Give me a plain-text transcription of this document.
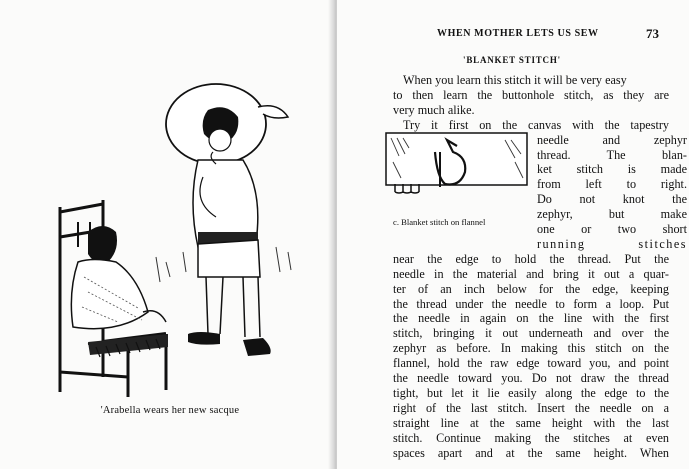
'Arabella wears her new sacque
WHEN MOTHER LETS US SEW	73
'BLANKET STITCH'
When you learn this stitch it will be very easy
to then learn the buttonhole stitch, as they are
very much alike.
Try it first on the canvas with the tapestry
c. Blanket stitch on flannel
needle and zephyr
thread. The blan-
ket stitch is made
from left to right.
Do not knot the
zephyr, but make
one or two short
running stitches
near the edge to hold the thread. Put the
needle in the material and bring it out a quar-
ter of an inch below for the edge, keeping
the thread under the needle to form a loop. Put
the needle in again on the line with the first
stitch, bringing it out underneath and over the
zephyr as before. In making this stitch on the
flannel, hold the raw edge toward you, and point
the needle toward you. Do not draw the thread
tight, but let it lie easily along the edge to the
right of the last stitch. Insert the needle on a
straight line at the same height with the last
stitch. Continue making the stitches at even
spaces apart and at the same height. When
